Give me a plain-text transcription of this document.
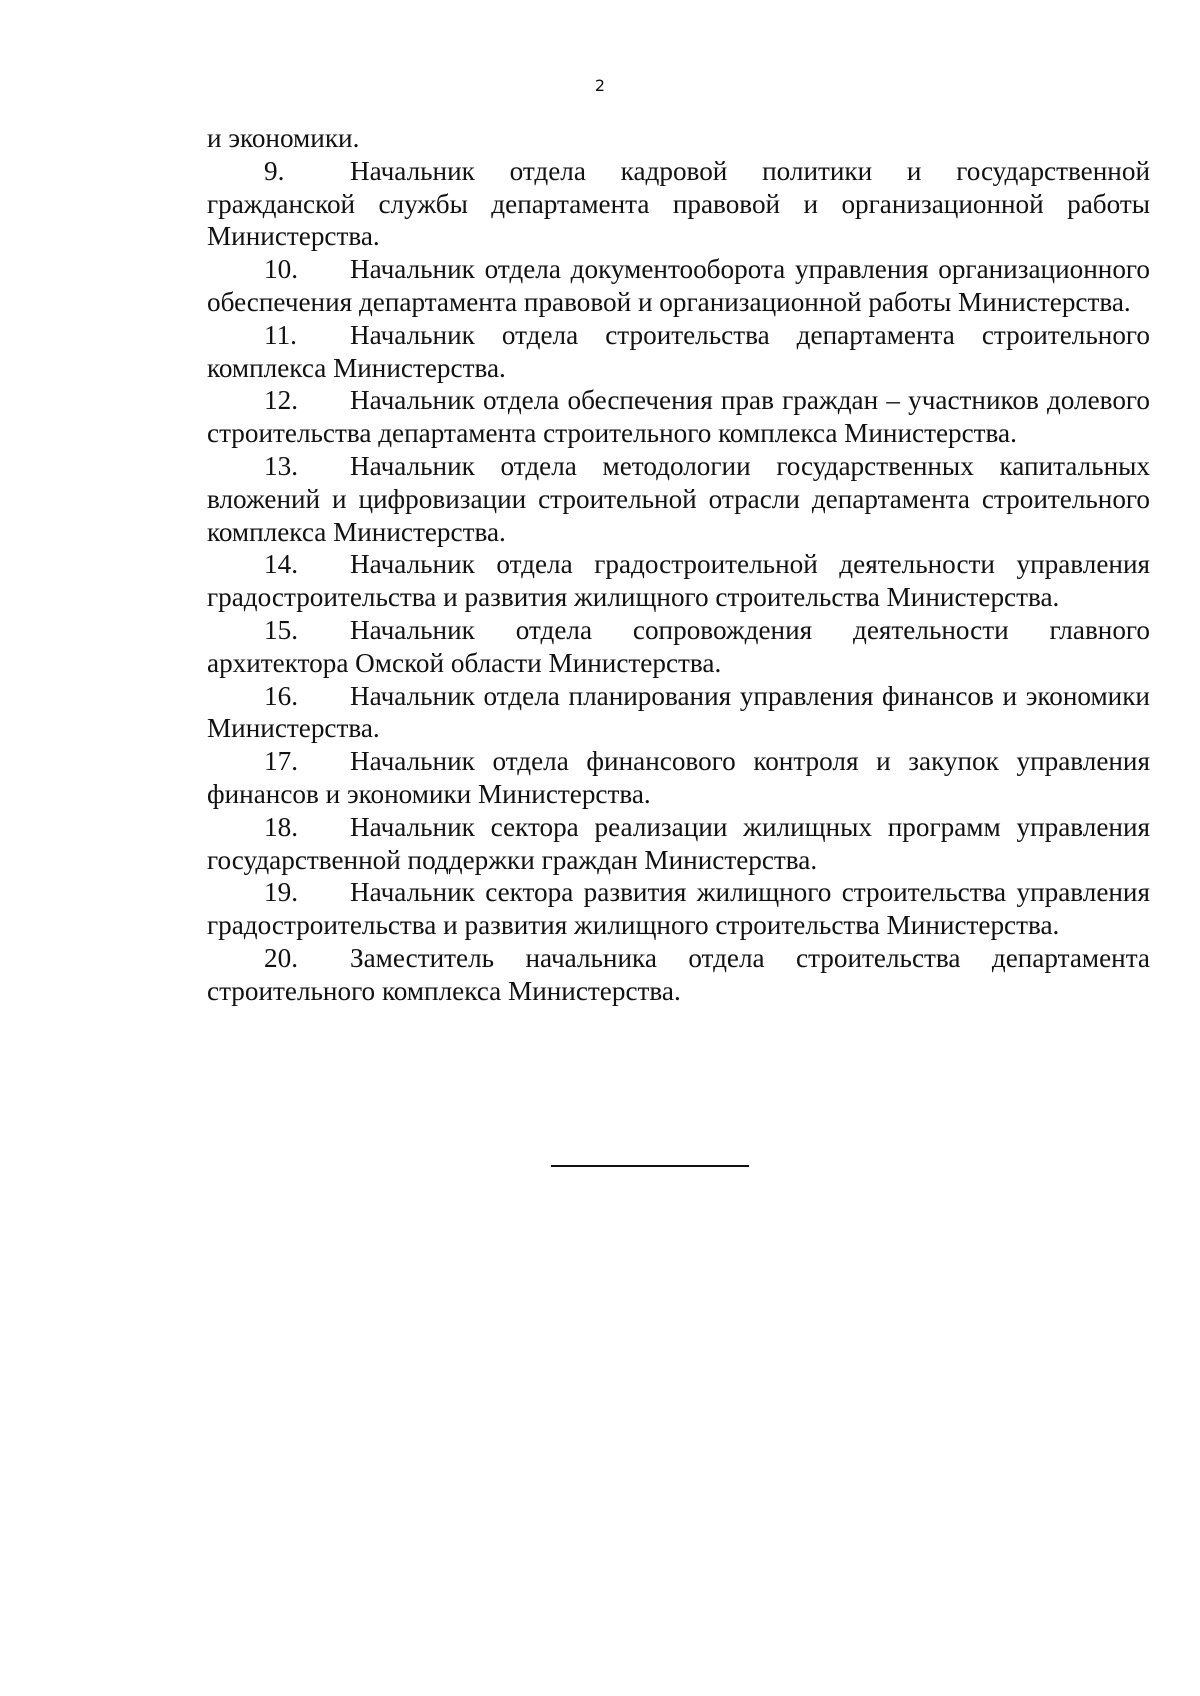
2

и экономики.

9. Начальник отдела кадровой политики и государственной гражданской службы департамента правовой и организационной работы Министерства.

10. Начальник отдела документооборота управления организационного обеспечения департамента правовой и организационной работы Министерства.

11. Начальник отдела строительства департамента строительного комплекса Министерства.

12. Начальник отдела обеспечения прав граждан – участников долевого строительства департамента строительного комплекса Министерства.

13. Начальник отдела методологии государственных капитальных вложений и цифровизации строительной отрасли департамента строительного комплекса Министерства.

14. Начальник отдела градостроительной деятельности управления градостроительства и развития жилищного строительства Министерства.

15. Начальник отдела сопровождения деятельности главного архитектора Омской области Министерства.

16. Начальник отдела планирования управления финансов и экономики Министерства.

17. Начальник отдела финансового контроля и закупок управления финансов и экономики Министерства.

18. Начальник сектора реализации жилищных программ управления государственной поддержки граждан Министерства.

19. Начальник сектора развития жилищного строительства управления градостроительства и развития жилищного строительства Министерства.

20. Заместитель начальника отдела строительства департамента строительного комплекса Министерства.
